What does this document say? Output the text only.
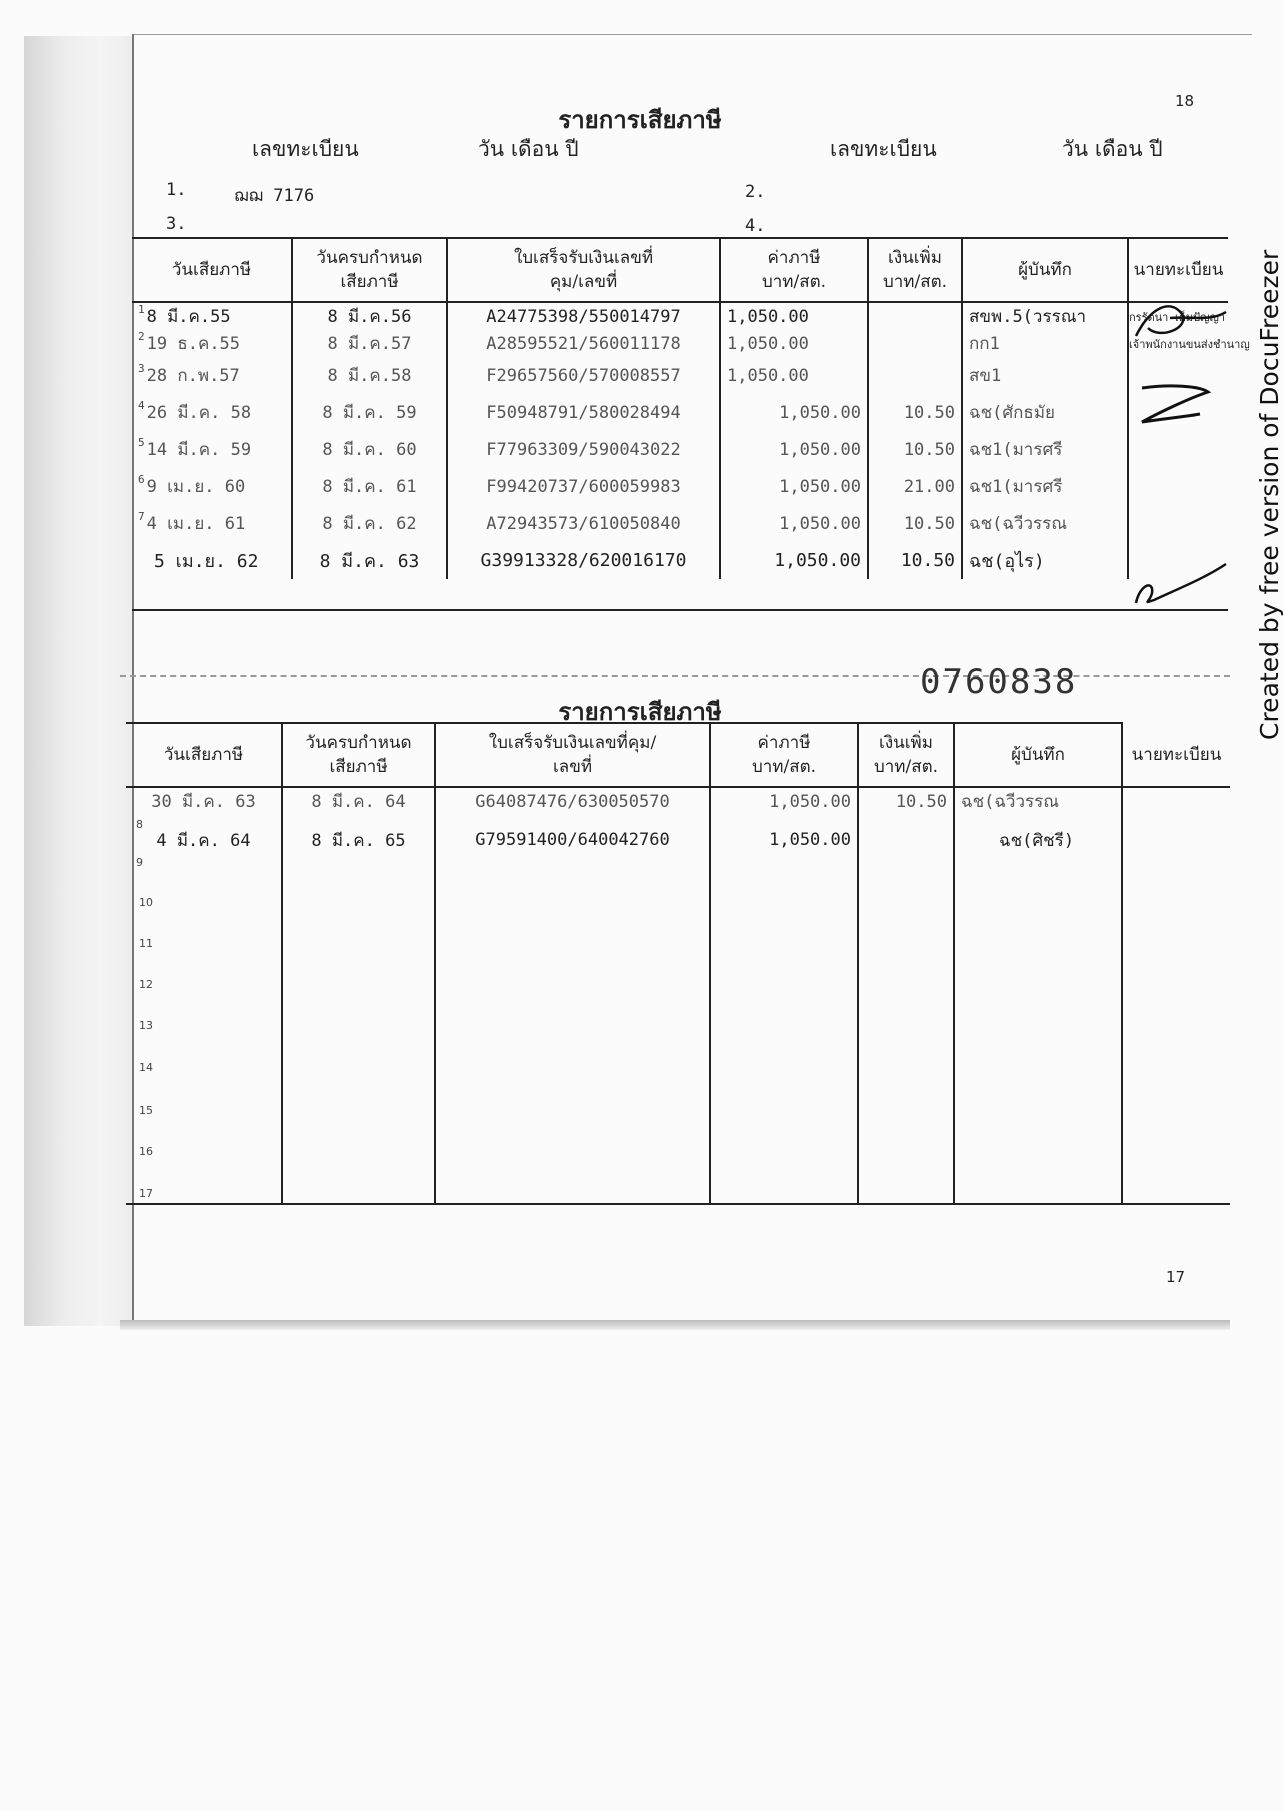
18
รายการเสียภาษี
เลขทะเบียน	วัน เดือน ปี	เลขทะเบียน	วัน เดือน ปี
1.	ฌฌ 7176	2.
3.	4.
วันเสียภาษี	วันครบกำหนดเสียภาษี	ใบเสร็จรับเงินเลขที่คุม/เลขที่	ค่าภาษีบาท/สต.	เงินเพิ่มบาท/สต.	ผู้บันทึก	นายทะเบียน
$^1$ 8 มี.ค.55	8 มี.ค.56	A24775398/550014797	1,050.00		สขพ.5(วรรณา	กรรัตนา เต็มปัญญา
$^2$ 19 ธ.ค.55	8 มี.ค.57	A28595521/560011178	1,050.00		กก1	เจ้าพนักงานขนส่งชำนาญ
$^3$ 28 ก.พ.57	8 มี.ค.58	F29657560/570008557	1,050.00		สข1	
$^4$ 26 มี.ค. 58	8 มี.ค. 59	F50948791/580028494	1,050.00	10.50	ฉช(ศักธมัย	
$^5$ 14 มี.ค. 59	8 มี.ค. 60	F77963309/590043022	1,050.00	10.50	ฉช1(มารศรี	
$^6$ 9 เม.ย. 60	8 มี.ค. 61	F99420737/600059983	1,050.00	21.00	ฉช1(มารศรี	
$^7$ 4 เม.ย. 61	8 มี.ค. 62	A72943573/610050840	1,050.00	10.50	ฉช(ฉวีวรรณ	
5 เม.ย. 62	8 มี.ค. 63	G39913328/620016170	1,050.00	10.50	ฉช(อุไร)	

0760838
รายการเสียภาษี
วันเสียภาษี	วันครบกำหนดเสียภาษี	ใบเสร็จรับเงินเลขที่คุม/เลขที่	ค่าภาษีบาท/สต.	เงินเพิ่มบาท/สต.	ผู้บันทึก	นายทะเบียน
30 มี.ค. 63	8 มี.ค. 64	G64087476/630050570	1,050.00	10.50	ฉช(ฉวีวรรณ	
4 มี.ค. 64	8 มี.ค. 65	G79591400/640042760	1,050.00		ฉช(ศิชรี)	

8
9
10
11
12
13
14
15
16
17
17
Created by free version of DocuFreezer
